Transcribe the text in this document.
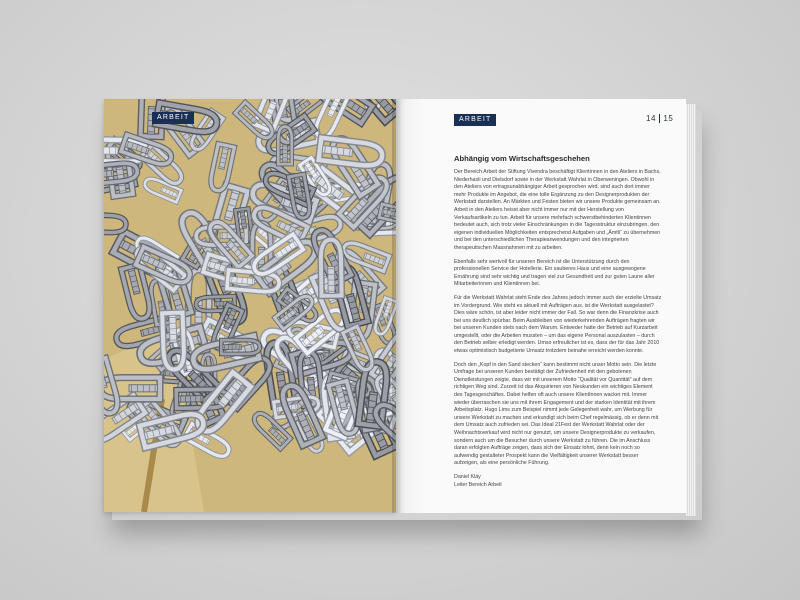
ARBEIT	ARBEIT	14 15
Abhängig vom Wirtschaftsgeschehen

Der Bereich Arbeit der Stiftung Vivendra beschäftigt Klientinnen in den Ateliers in Bachs, Niederhasli und Dielsdorf sowie in der Werkstatt Wahrlat in Oberweningen. Obwohl in den Ateliers von ertragsunabhängiger Arbeit gesprochen wird, sind auch dort immer mehr Produkte im Angebot, die eine tolle Ergänzung zu den Designerprodukten der Werkstatt darstellen. An Märkten und Festen bieten wir unsere Produkte gemeinsam an. Arbeit in den Ateliers heisst aber nicht immer nur mit der Herstellung von Verkaufsartikeln zu tun. Arbeit für unsere mehrfach schwerstbehinderten Klientinnen bedeutet auch, sich trotz vieler Einschränkungen in die Tagesstruktur einzubringen, den eigenen individuellen Möglichkeiten entsprechend Aufgaben und „Ämtli“ zu übernehmen und bei den unterschiedlichen Therapieanwendungen und den integrierten therapeutischen Massnahmen mit zu arbeiten.

Ebenfalls sehr wertvoll für unseren Bereich ist die Unterstützung durch den professionellen Service der Hotellerie. Ein sauberes Haus und eine ausgewogene Ernährung sind sehr wichtig und tragen viel zur Gesundheit und zur guten Laune aller Mitarbeiterinnen und Klientinnen bei.

Für die Werkstatt Wahrlat steht Ende des Jahres jedoch immer auch der erzielte Umsatz im Vordergrund. Wie steht es aktuell mit Aufträgen aus, ist die Werkstatt ausgelastet? Dies wäre schön, ist aber leider nicht immer der Fall. So war denn die Finanzkrise auch bei uns deutlich spürbar. Beim Ausbleiben von wiederkehrenden Aufträgen fragten wir bei unseren Kunden stets nach dem Warum. Entweder hatte der Betrieb auf Kurzarbeit umgestellt, oder die Arbeiten mussten – um das eigene Personal auszulasten – durch den Betrieb selber erledigt werden. Umso erfreulicher ist es, dass der für das Jahr 2010 etwas optimistisch budgetierte Umsatz trotzdem beinahe erreicht werden konnte.

Doch den „Kopf in den Sand stecken“ kann bestimmt nicht unser Motto sein. Die letzte Umfrage bei unseren Kunden bestätigt der Zufriedenheit mit den gebotenen Dienstleistungen zeigte, dass wir mit unserem Motto “Qualität vor Quantität” auf dem richtigen Weg sind. Zurzeit ist das Akquirieren von Neukunden ein wichtiges Element des Tagesgeschäftes. Dabei helfen oft auch unsere KlientInnen wacker mit. Immer wieder überraschen sie uns mit ihrem Engagement und der starken Identität mit ihrem Arbeitsplatz. Hugo Lims zum Beispiel nimmt jede Gelegenheit wahr, um Werbung für unsere Werkstatt zu machen und erkundigt sich beim Chef regelmässig, ob er denn mit dem Umsatz auch zufrieden sei. Das Ideal 21Fest der Werkstatt Wahrlat oder der Weihnachtsverkauf wird nicht nur genutzt, um unsere Designerprodukte zu verkaufen, sondern auch um die Besucher durch unsere Werkstatt zu führen. Die im Anschluss daran erfolgten Aufträge zeigen, dass sich der Einsatz lohnt, denn kein noch so aufwendig gestalteter Prospekt kann die Vielfältigkeit unserer Werkstatt besser aufzeigen, als eine persönliche Führung.

Daniel Kläy
Leiter Bereich Arbeit
